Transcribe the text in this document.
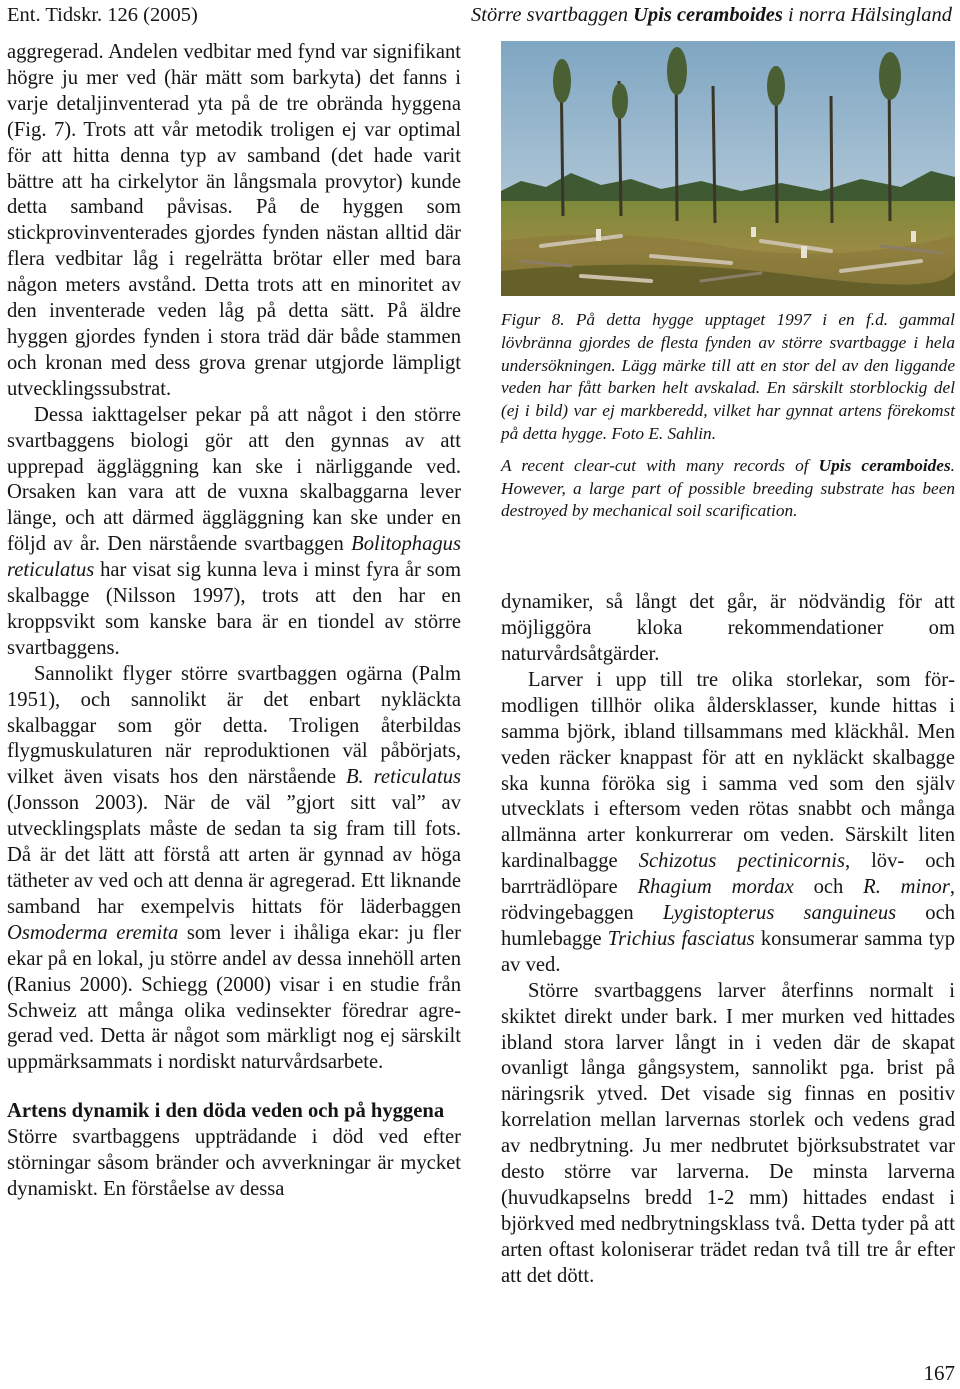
Ent. Tidskr. 126 (2005)	Större svartbaggen Upis ceramboides i norra Hälsingland

aggregerad. Andelen vedbitar med fynd var signifikant högre ju mer ved (här mätt som barkyta) det fanns i varje detaljinventerad yta på de tre obrända hyggena (Fig. 7). Trots att vår metodik troligen ej var optimal för att hitta denna typ av samband (det hade varit bättre att ha cirkelytor än långsmala provytor) kunde detta samband påvisas. På de hyggen som stickprovinventerades gjordes fynden nästan alltid där flera vedbitar låg i regelrätta brötar eller med bara någon meters avstånd. Detta trots att en minoritet av den inventerade veden låg på detta sätt. På äldre hyggen gjordes fynden i stora träd där både stammen och kronan med dess grova grenar utgjorde lämpligt utvecklingssubstrat.

Dessa iakttagelser pekar på att något i den större svartbaggens biologi gör att den gynnas av att upprepad äggläggning kan ske i närliggande ved. Orsaken kan vara att de vuxna skalbaggarna lever länge, och att därmed äggläggning kan ske under en följd av år. Den närstående svartbaggen Bolitophagus reticulatus har visat sig kunna leva i minst fyra år som skalbagge (Nilsson 1997), trots att den har en kroppsvikt som kanske bara är en tiondel av större svartbaggens.

Sannolikt flyger större svartbaggen ogärna (Palm 1951), och sannolikt är det enbart nykläckta skalbaggar som gör detta. Troligen återbildas flygmuskulaturen när reproduktionen väl påbörjats, vilket även visats hos den närstående B. reticulatus (Jonsson 2003). När de väl ”gjort sitt val” av utvecklingsplats måste de sedan ta sig fram till fots. Då är det lätt att förstå att arten är gynnad av höga tätheter av ved och att denna är agregerad. Ett liknande samband har exempelvis hittats för läderbaggen Osmoderma eremita som lever i ihåliga ekar: ju fler ekar på en lokal, ju större andel av dessa innehöll arten (Ranius 2000). Schiegg (2000) visar i en studie från Schweiz att många olika vedinsekter föredrar agregerad ved. Detta är något som märkligt nog ej särskilt uppmärksammats i nordiskt naturvårdsarbete.

Artens dynamik i den döda veden och på hyggena

Större svartbaggens uppträdande i död ved efter störningar såsom bränder och avverkningar är mycket dynamiskt. En förståelse av dessa

Figur 8. På detta hygge upptaget 1997 i en f.d. gammal lövbränna gjordes de flesta fynden av större svartbagge i hela undersökningen. Lägg märke till att en stor del av den liggande veden har fått barken helt avskalad. En särskilt storblockig del (ej i bild) var ej markberedd, vilket har gynnat artens förekomst på detta hygge. Foto E. Sahlin.

A recent clear-cut with many records of Upis ceramboides. However, a large part of possible breeding substrate has been destroyed by mechanical soil scarification.

dynamiker, så långt det går, är nödvändig för att möjliggöra kloka rekommendationer om naturvårdsåtgärder.

Larver i upp till tre olika storlekar, som förmodligen tillhör olika åldersklasser, kunde hittas i samma björk, ibland tillsammans med kläckhål. Men veden räcker knappast för att en nykläckt skalbagge ska kunna föröka sig i samma ved som den själv utvecklats i eftersom veden rötas snabbt och många allmänna arter konkurrerar om veden. Särskilt liten kardinalbagge Schizotus pectinicornis, löv- och barrträdlöpare Rhagium mordax och R. minor, rödvingebaggen Lygistopterus sanguineus och humlebagge Trichius fasciatus konsumerar samma typ av ved.

Större svartbaggens larver återfinns normalt i skiktet direkt under bark. I mer murken ved hittades ibland stora larver långt in i veden där de skapat ovanligt långa gångsystem, sannolikt pga. brist på näringsrik ytved. Det visade sig finnas en positiv korrelation mellan larvernas storlek och vedens grad av nedbrytning. Ju mer nedbrutet björksubstratet var desto större var larverna. De minsta larverna (huvudkapselns bredd 1-2 mm) hittades endast i björkved med nedbrytningsklass två. Detta tyder på att arten oftast koloniserar trädet redan två till tre år efter att det dött.

167
